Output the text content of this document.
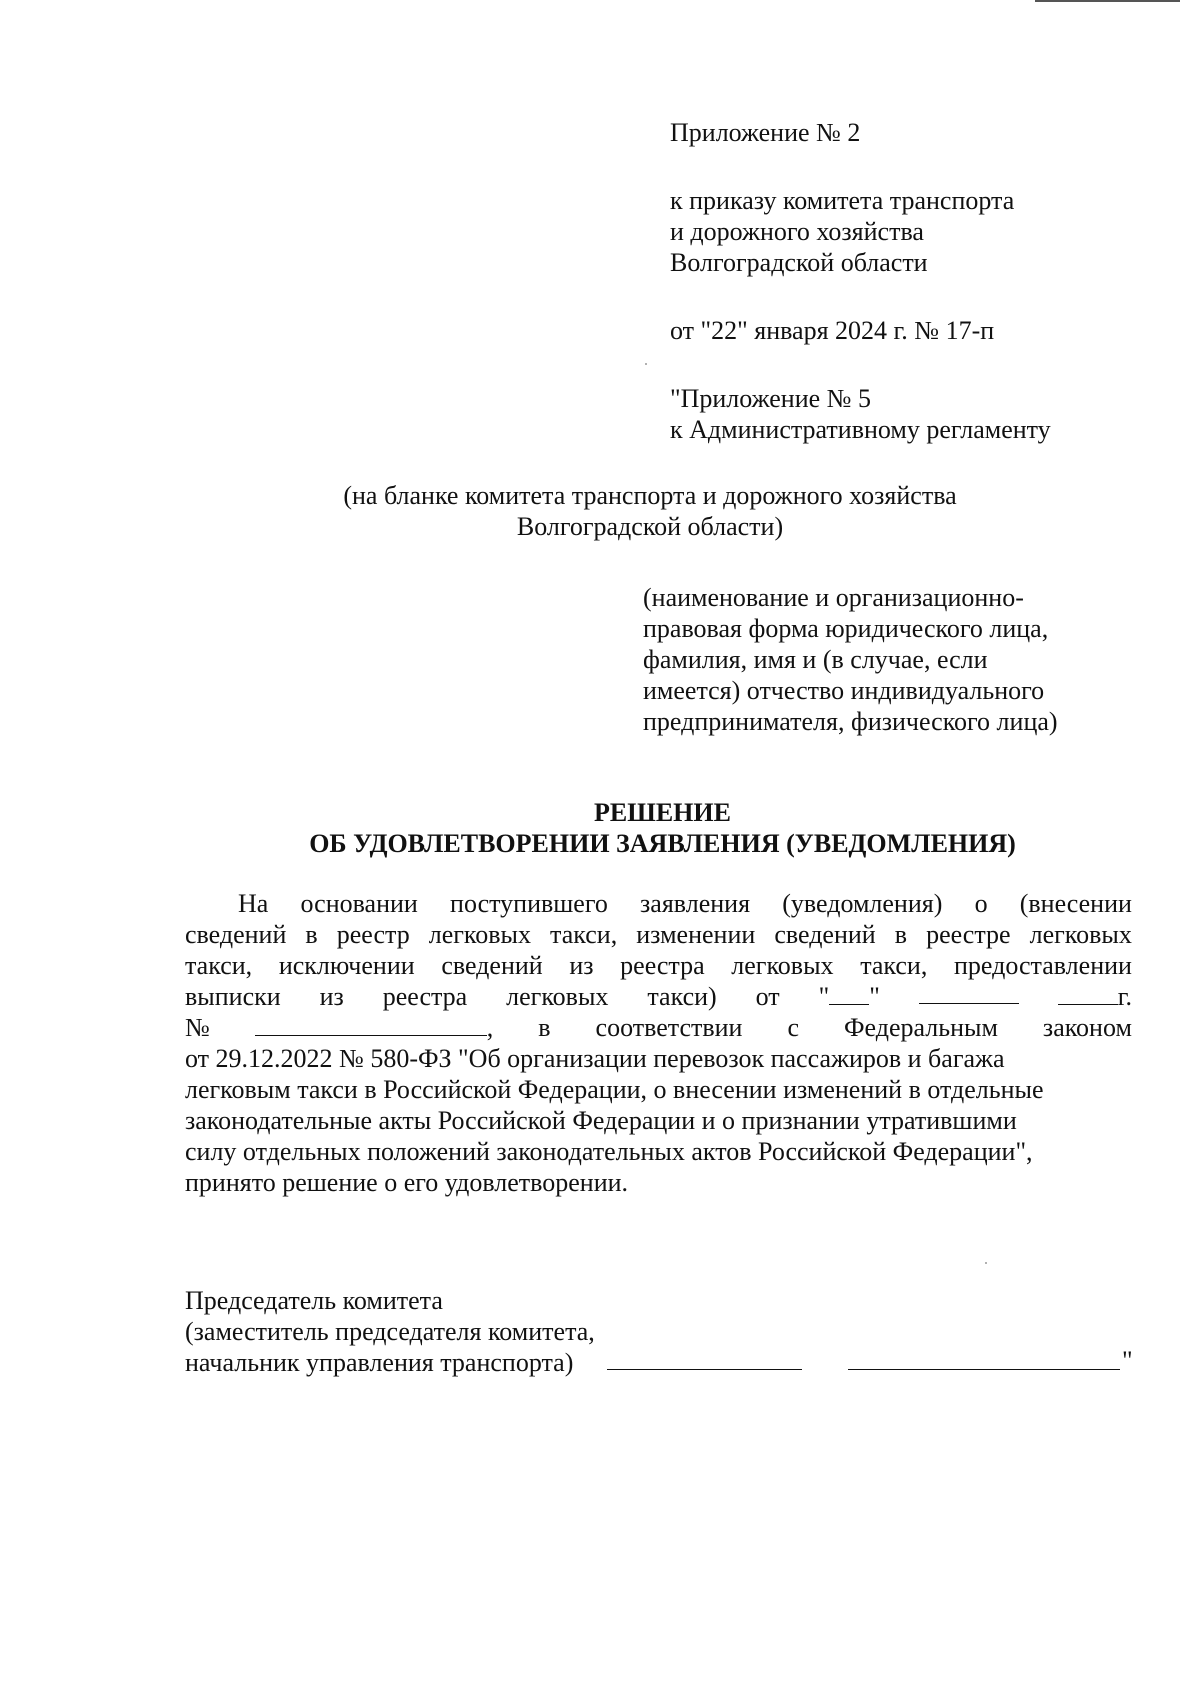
Приложение № 2
к приказу комитета транспорта
и дорожного хозяйства
Волгоградской области
от "22" января 2024 г. № 17-п
"Приложение № 5
к Административному регламенту
(на бланке комитета транспорта и дорожного хозяйства
Волгоградской области)
(наименование и организационно-
правовая форма юридического лица,
фамилия, имя и (в случае, если
имеется) отчество индивидуального
предпринимателя, физического лица)
РЕШЕНИЕ
ОБ УДОВЛЕТВОРЕНИИ ЗАЯВЛЕНИЯ (УВЕДОМЛЕНИЯ)
На основании поступившего заявления (уведомления) о (внесении
сведений в реестр легковых такси, изменении сведений в реестре легковых
такси, исключении сведений из реестра легковых такси, предоставлении
выписки из реестра легковых такси) от " "	г.
№	, в соответствии с Федеральным законом
от 29.12.2022 № 580-ФЗ "Об организации перевозок пассажиров и багажа
легковым такси в Российской Федерации, о внесении изменений в отдельные
законодательные акты Российской Федерации и о признании утратившими
силу отдельных положений законодательных актов Российской Федерации",
принято решение о его удовлетворении.
Председатель комитета
(заместитель председателя комитета,
начальник управления транспорта)	"
